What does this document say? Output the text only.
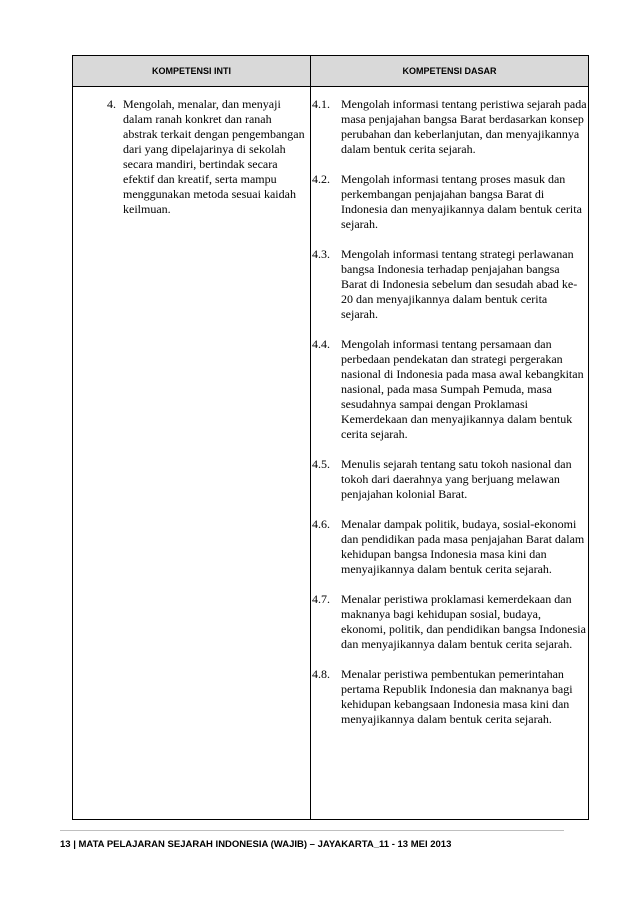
KOMPETENSI INTI	KOMPETENSI DASAR
4. Mengolah, menalar, dan menyaji dalam ranah konkret dan ranah abstrak terkait dengan pengembangan dari yang dipelajarinya di sekolah secara mandiri, bertindak secara efektif dan kreatif, serta mampu menggunakan metoda sesuai kaidah keilmuan.
4.1. Mengolah informasi tentang peristiwa sejarah pada masa penjajahan bangsa Barat berdasarkan konsep perubahan dan keberlanjutan, dan menyajikannya dalam bentuk cerita sejarah.
4.2. Mengolah informasi tentang proses masuk dan perkembangan penjajahan bangsa Barat di Indonesia dan menyajikannya dalam bentuk cerita sejarah.
4.3. Mengolah informasi tentang strategi perlawanan bangsa Indonesia terhadap penjajahan bangsa Barat di Indonesia sebelum dan sesudah abad ke-20 dan menyajikannya dalam bentuk cerita sejarah.
4.4. Mengolah informasi tentang persamaan dan perbedaan pendekatan dan strategi pergerakan nasional di Indonesia pada masa awal kebangkitan nasional, pada masa Sumpah Pemuda, masa sesudahnya sampai dengan Proklamasi Kemerdekaan dan menyajikannya dalam bentuk cerita sejarah.
4.5. Menulis sejarah tentang satu tokoh nasional dan tokoh dari daerahnya yang berjuang melawan penjajahan kolonial Barat.
4.6. Menalar dampak politik, budaya, sosial-ekonomi dan pendidikan pada masa penjajahan Barat dalam kehidupan bangsa Indonesia masa kini dan menyajikannya dalam bentuk cerita sejarah.
4.7. Menalar peristiwa proklamasi kemerdekaan dan maknanya bagi kehidupan sosial, budaya, ekonomi, politik, dan pendidikan bangsa Indonesia dan menyajikannya dalam bentuk cerita sejarah.
4.8. Menalar peristiwa pembentukan pemerintahan pertama Republik Indonesia dan maknanya bagi kehidupan kebangsaan Indonesia masa kini dan menyajikannya dalam bentuk cerita sejarah.
13 | MATA PELAJARAN SEJARAH INDONESIA (WAJIB) – JAYAKARTA_11 - 13 MEI 2013
